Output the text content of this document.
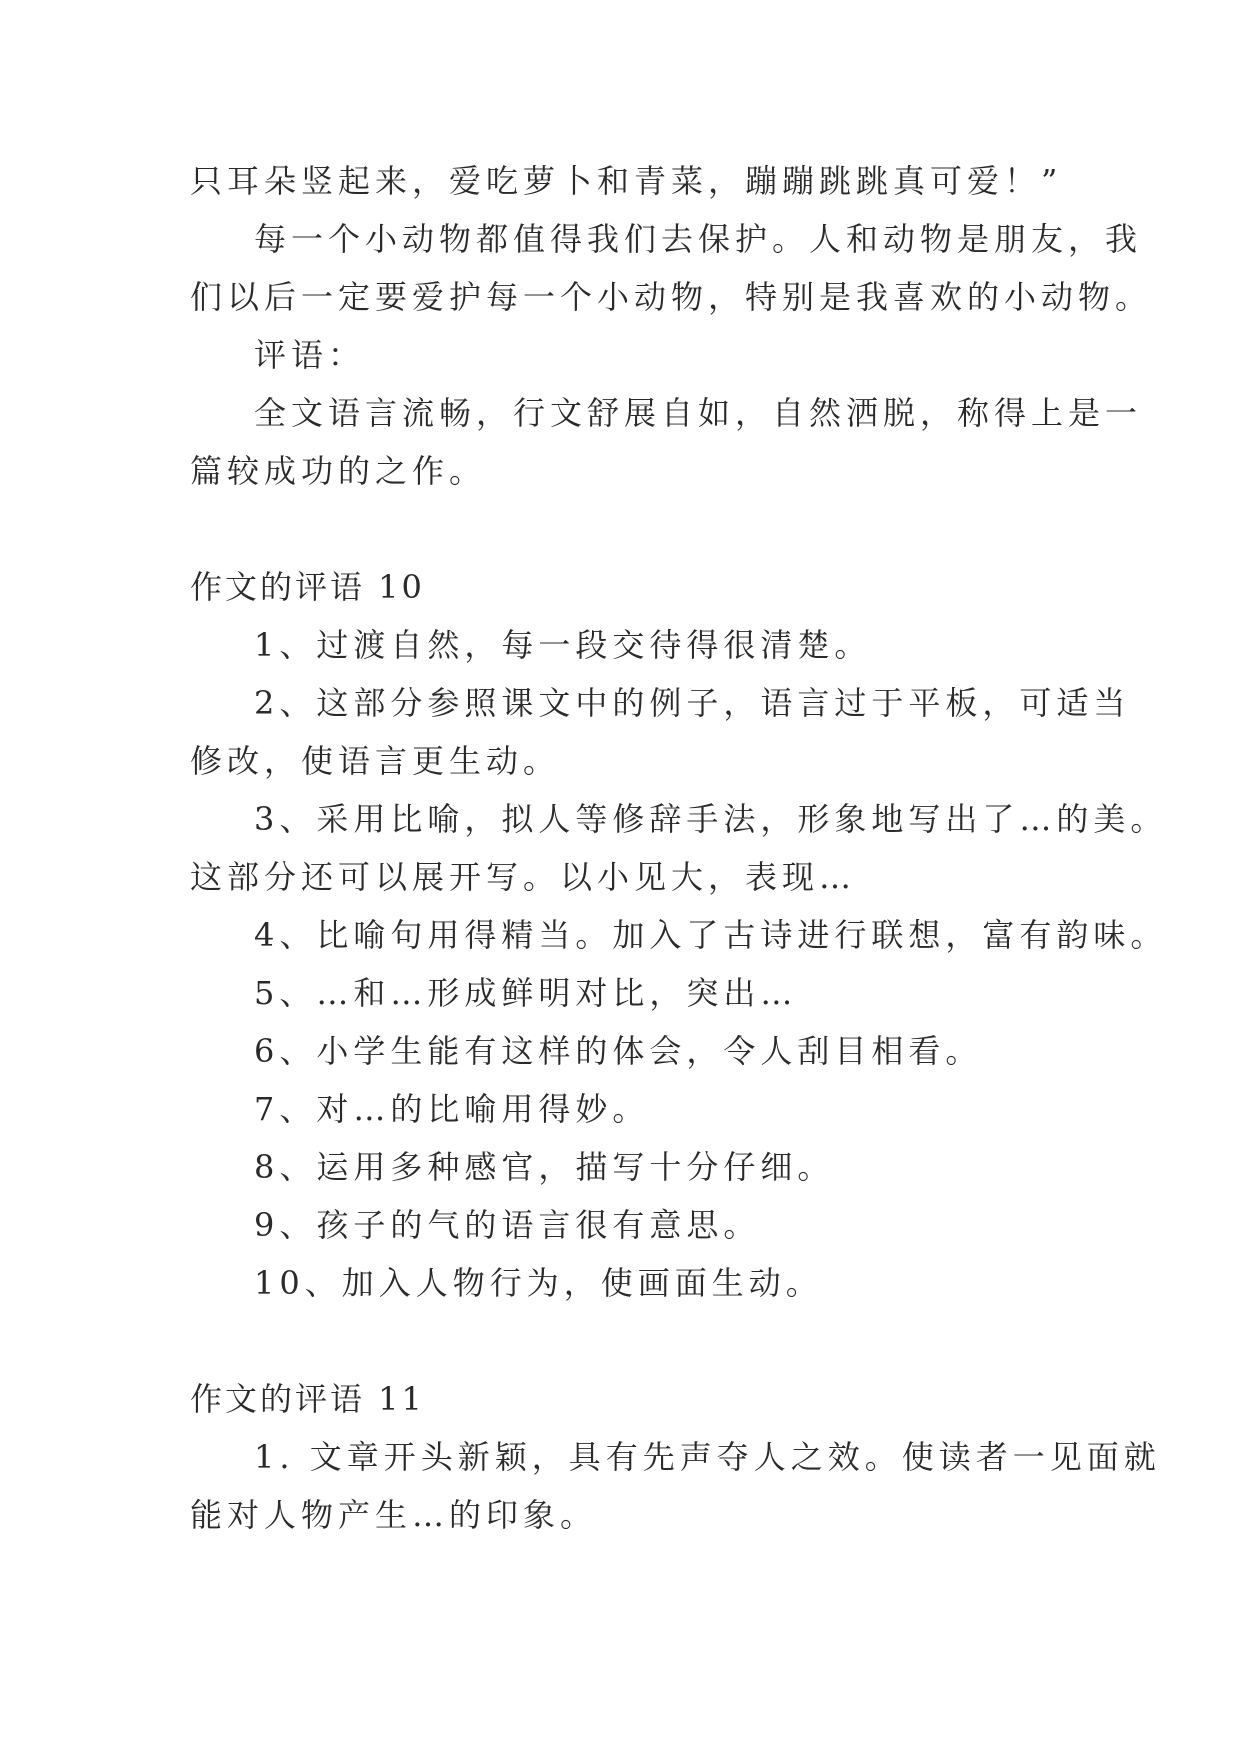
只耳朵竖起来，爱吃萝卜和青菜，蹦蹦跳跳真可爱！”
每一个小动物都值得我们去保护。人和动物是朋友，我
们以后一定要爱护每一个小动物，特别是我喜欢的小动物。
评语：
全文语言流畅，行文舒展自如，自然洒脱，称得上是一
篇较成功的之作。
作文的评语 10
1、过渡自然，每一段交待得很清楚。
2、这部分参照课文中的例子，语言过于平板，可适当
修改，使语言更生动。
3、采用比喻，拟人等修辞手法，形象地写出了…的美。
这部分还可以展开写。以小见大，表现…
4、比喻句用得精当。加入了古诗进行联想，富有韵味。
5、…和…形成鲜明对比，突出…
6、小学生能有这样的体会，令人刮目相看。
7、对…的比喻用得妙。
8、运用多种感官，描写十分仔细。
9、孩子的气的语言很有意思。
10、加入人物行为，使画面生动。
作文的评语 11
1. 文章开头新颖，具有先声夺人之效。使读者一见面就
能对人物产生…的印象。
